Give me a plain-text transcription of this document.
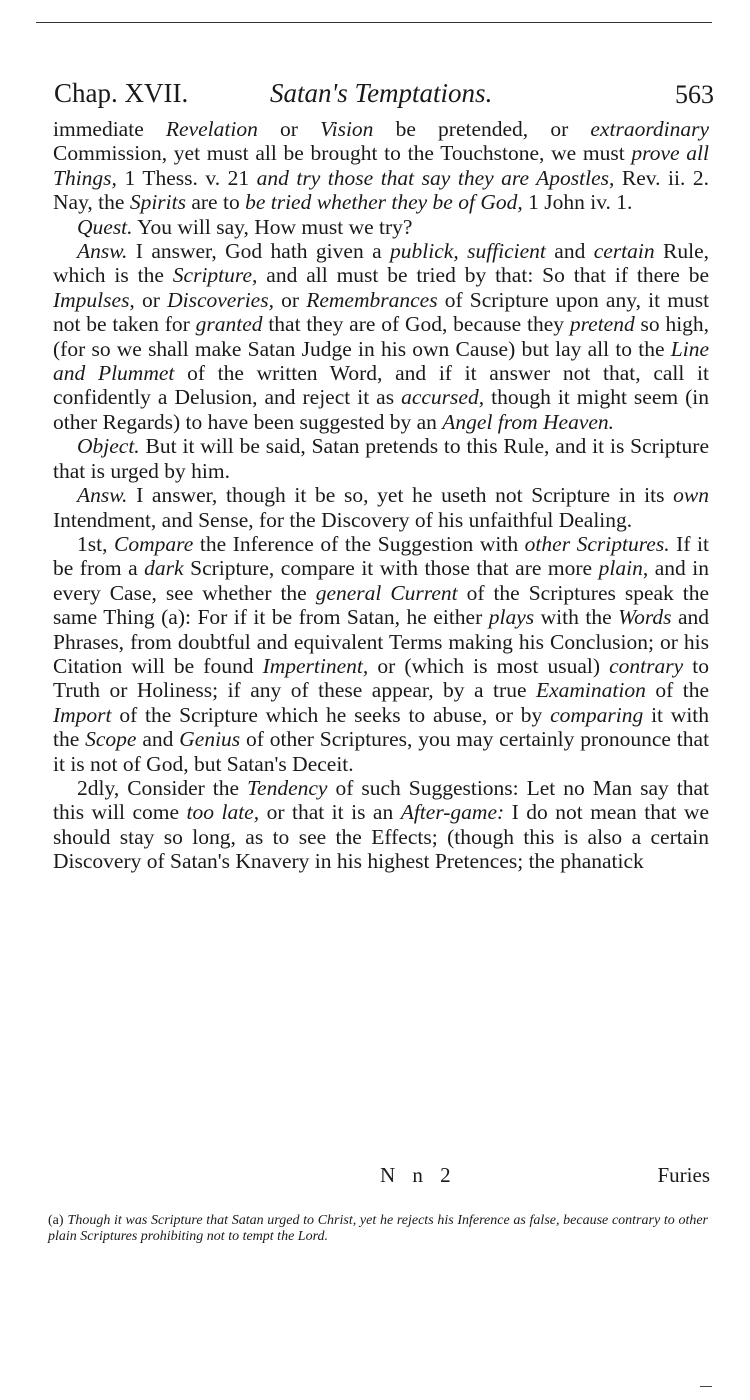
Chap. XVII.	Satan's Temptations.	563

immediate Revelation or Vision be pretended, or extraordinary Commission, yet must all be brought to the Touchstone, we must prove all Things, 1 Thess. v. 21 and try those that say they are Apostles, Rev. ii. 2. Nay, the Spirits are to be tried whether they be of God, 1 John iv. 1.

Quest. You will say, How must we try?

Answ. I answer, God hath given a publick, sufficient and certain Rule, which is the Scripture, and all must be tried by that: So that if there be Impulses, or Discoveries, or Remembrances of Scripture upon any, it must not be taken for granted that they are of God, because they pretend so high, (for so we shall make Satan Judge in his own Cause) but lay all to the Line and Plummet of the written Word, and if it answer not that, call it confidently a Delusion, and reject it as accursed, though it might seem (in other Regards) to have been suggested by an Angel from Heaven.

Object. But it will be said, Satan pretends to this Rule, and it is Scripture that is urged by him.

Answ. I answer, though it be so, yet he useth not Scripture in its own Intendment, and Sense, for the Discovery of his unfaithful Dealing.

1st, Compare the Inference of the Suggestion with other Scriptures. If it be from a dark Scripture, compare it with those that are more plain, and in every Case, see whether the general Current of the Scriptures speak the same Thing (a): For if it be from Satan, he either plays with the Words and Phrases, from doubtful and equivalent Terms making his Conclusion; or his Citation will be found Impertinent, or (which is most usual) contrary to Truth or Holiness; if any of these appear, by a true Examination of the Import of the Scripture which he seeks to abuse, or by comparing it with the Scope and Genius of other Scriptures, you may certainly pronounce that it is not of God, but Satan's Deceit.

2dly, Consider the Tendency of such Suggestions: Let no Man say that this will come too late, or that it is an After-game: I do not mean that we should stay so long, as to see the Effects; (though this is also a certain Discovery of Satan's Knavery in his highest Pretences; the phanatick

N n 2	Furies
(a) Though it was Scripture that Satan urged to Christ, yet he rejects his Inference as false, because contrary to other plain Scriptures prohibiting not to tempt the Lord.
